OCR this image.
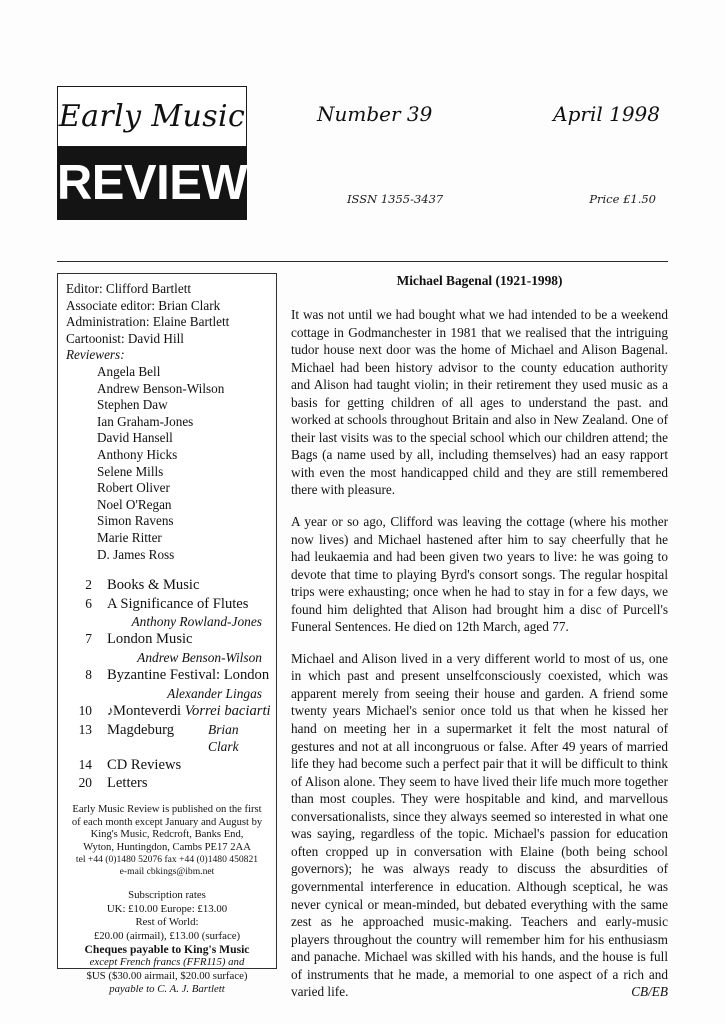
Early Music
REVIEW
Number 39	April 1998
ISSN 1355-3437	Price £1.50
Editor: Clifford Bartlett
Associate editor: Brian Clark
Administration: Elaine Bartlett
Cartoonist: David Hill
Reviewers:
Angela Bell
Andrew Benson-Wilson
Stephen Daw
Ian Graham-Jones
David Hansell
Anthony Hicks
Selene Mills
Robert Oliver
Noel O'Regan
Simon Ravens
Marie Ritter
D. James Ross
2	Books & Music
6	A Significance of Flutes
Anthony Rowland-Jones
7	London Music
Andrew Benson-Wilson
8	Byzantine Festival: London
Alexander Lingas
10	♪Monteverdi Vorrei baciarti
13	Magdeburg	Brian Clark
14	CD Reviews
20	Letters
Early Music Review is published on the first
of each month except January and August by
King's Music, Redcroft, Banks End,
Wyton, Huntingdon, Cambs PE17 2AA
tel +44 (0)1480 52076 fax +44 (0)1480 450821
e-mail cbkings@ibm.net
Subscription rates
UK: £10.00 Europe: £13.00
Rest of World:
£20.00 (airmail), £13.00 (surface)
Cheques payable to King's Music
except French francs (FFR115) and
$US ($30.00 airmail, $20.00 surface)
payable to C. A. J. Bartlett
Michael Bagenal (1921-1998)

It was not until we had bought what we had intended to be a weekend cottage in Godmanchester in 1981 that we realised that the intriguing tudor house next door was the home of Michael and Alison Bagenal. Michael had been history advisor to the county education authority and Alison had taught violin; in their retirement they used music as a basis for getting children of all ages to understand the past. and worked at schools throughout Britain and also in New Zealand. One of their last visits was to the special school which our children attend; the Bags (a name used by all, including themselves) had an easy rapport with even the most handicapped child and they are still remembered there with pleasure.

A year or so ago, Clifford was leaving the cottage (where his mother now lives) and Michael hastened after him to say cheerfully that he had leukaemia and had been given two years to live: he was going to devote that time to playing Byrd's consort songs. The regular hospital trips were exhausting; once when he had to stay in for a few days, we found him delighted that Alison had brought him a disc of Purcell's Funeral Sentences. He died on 12th March, aged 77.

Michael and Alison lived in a very different world to most of us, one in which past and present unselfconsciously coexisted, which was apparent merely from seeing their house and garden. A friend some twenty years Michael's senior once told us that when he kissed her hand on meeting her in a supermarket it felt the most natural of gestures and not at all incongruous or false. After 49 years of married life they had become such a perfect pair that it will be difficult to think of Alison alone. They seem to have lived their life much more together than most couples. They were hospitable and kind, and marvellous conversationalists, since they always seemed so interested in what one was saying, regardless of the topic. Michael's passion for education often cropped up in conversation with Elaine (both being school governors); he was always ready to discuss the absurdities of governmental interference in education. Although sceptical, he was never cynical or mean-minded, but debated everything with the same zest as he approached music-making. Teachers and early-music players throughout the country will remember him for his enthusiasm and panache. Michael was skilled with his hands, and the house is full of instruments that he made, a memorial to one aspect of a rich and varied life.	CB/EB
